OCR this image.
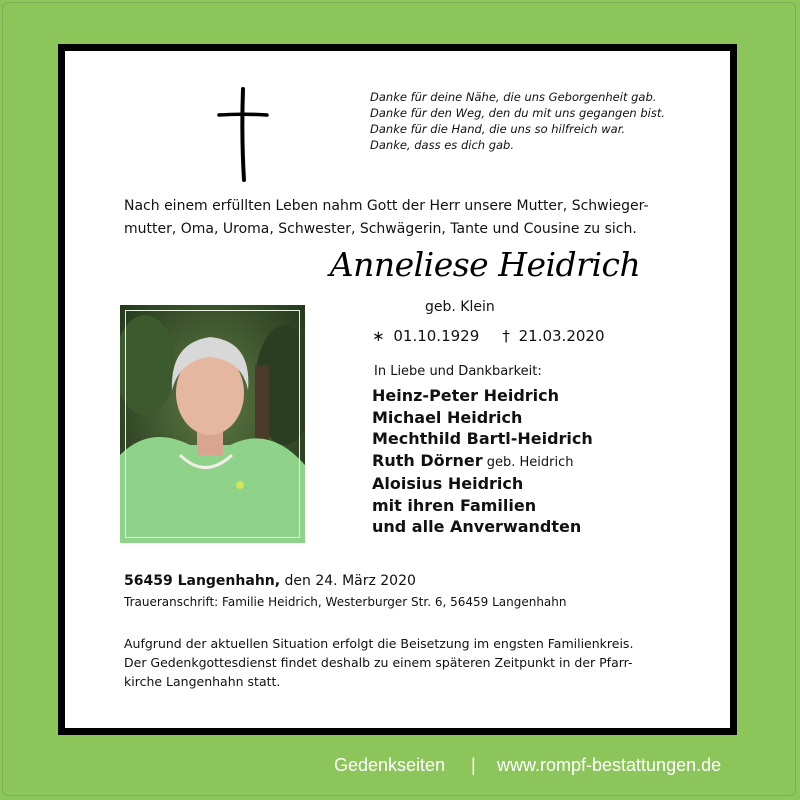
Danke für deine Nähe, die uns Geborgenheit gab.
Danke für den Weg, den du mit uns gegangen bist.
Danke für die Hand, die uns so hilfreich war.
Danke, dass es dich gab.
Nach einem erfüllten Leben nahm Gott der Herr unsere Mutter, Schwieger-
mutter, Oma, Uroma, Schwester, Schwägerin, Tante und Cousine zu sich.
Anneliese Heidrich
geb. Klein
∗ 01.10.1929 † 21.03.2020
In Liebe und Dankbarkeit:
Heinz-Peter Heidrich
Michael Heidrich
Mechthild Bartl-Heidrich
Ruth Dörner geb. Heidrich
Aloisius Heidrich
mit ihren Familien
und alle Anverwandten
56459 Langenhahn, den 24. März 2020
Traueranschrift: Familie Heidrich, Westerburger Str. 6, 56459 Langenhahn
Aufgrund der aktuellen Situation erfolgt die Beisetzung im engsten Familienkreis.
Der Gedenkgottesdienst findet deshalb zu einem späteren Zeitpunkt in der Pfarr-
kirche Langenhahn statt.
Gedenkseiten | www.rompf-bestattungen.de
